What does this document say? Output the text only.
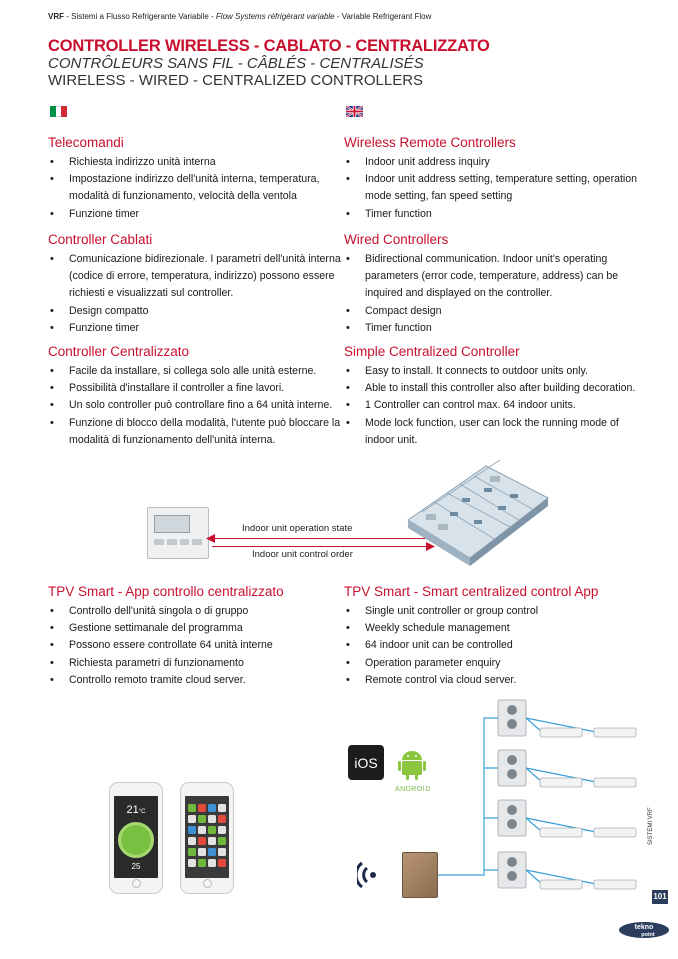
VRF - Sistemi a Flusso Refrigerante Variabile - Flow Systems réfrigérant variable - Variable Refrigerant Flow
CONTROLLER WIRELESS - CABLATO - CENTRALIZZATO
CONTRÔLEURS SANS FIL - CÂBLÉS - CENTRALISÉS
WIRELESS - WIRED - CENTRALIZED CONTROLLERS
Telecomandi
• Richiesta indirizzo unità interna
• Impostazione indirizzo dell'unità interna, temperatura, modalità di funzionamento, velocità della ventola
• Funzione timer
Controller Cablati
• Comunicazione bidirezionale. I parametri dell'unità interna (codice di errore, temperatura, indirizzo) possono essere richiesti e visualizzati sul controller.
• Design compatto
• Funzione timer
Controller Centralizzato
• Facile da installare, si collega solo alle unità esterne.
• Possibilità d'installare il controller a fine lavori.
• Un solo controller può controllare fino a 64 unità interne.
• Funzione di blocco della modalità, l'utente può bloccare la modalità di funzionamento dell'unità interna.
Wireless Remote Controllers
• Indoor unit address inquiry
• Indoor unit address setting, temperature setting, operation mode setting, fan speed setting
• Timer function
Wired Controllers
• Bidirectional communication. Indoor unit's operating parameters (error code, temperature, address) can be inquired and displayed on the controller.
• Compact design
• Timer function
Simple Centralized Controller
• Easy to install. It connects to outdoor units only.
• Able to install this controller also after building decoration.
• 1 Controller can control max. 64 indoor units.
• Mode lock function, user can lock the running mode of indoor unit.
Indoor unit operation state
Indoor unit control order
TPV Smart - App controllo centralizzato
• Controllo dell'unità singola o di gruppo
• Gestione settimanale del programma
• Possono essere controllate 64 unità interne
• Richiesta parametri di funzionamento
• Controllo remoto tramite cloud server.
TPV Smart - Smart centralized control App
• Single unit controller or group control
• Weekly schedule management
• 64 indoor unit can be controlled
• Operation parameter enquiry
• Remote control via cloud server.
21°C
25
iOS
ANDROID
SISTEMI VRF
101
tekno
point
